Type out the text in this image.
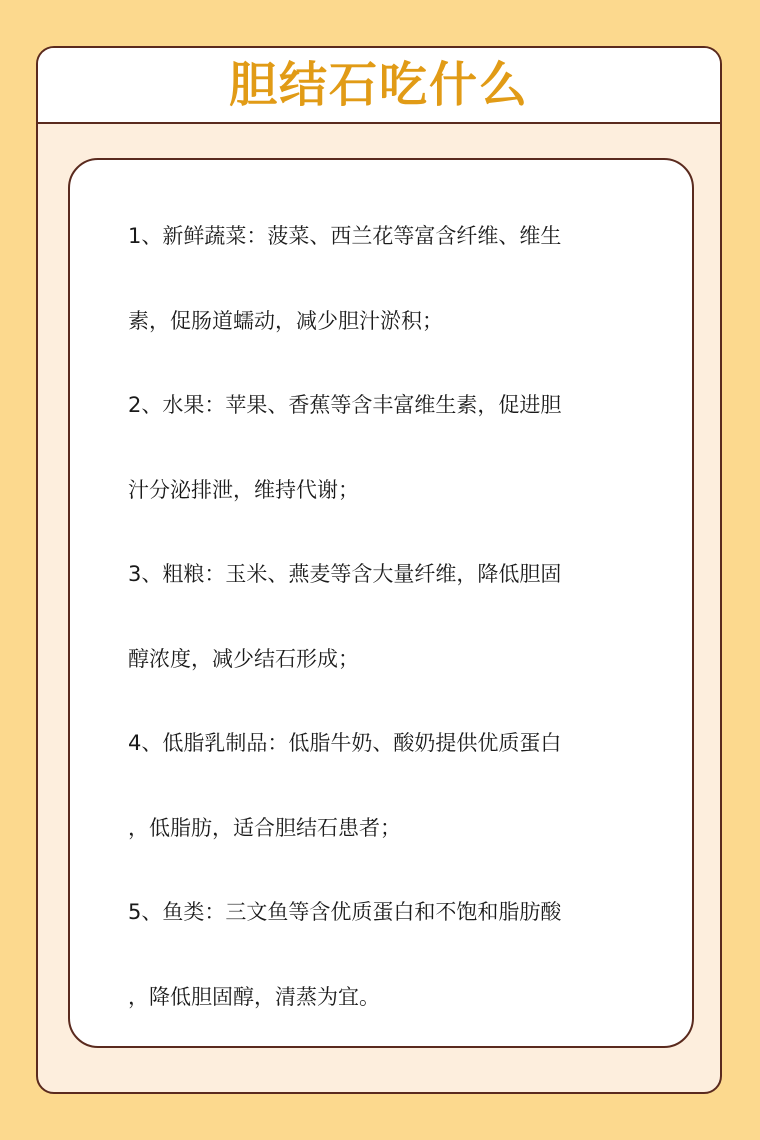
胆结石吃什么
1、新鲜蔬菜：菠菜、西兰花等富含纤维、维生
素，促肠道蠕动，减少胆汁淤积；
2、水果：苹果、香蕉等含丰富维生素，促进胆
汁分泌排泄，维持代谢；
3、粗粮：玉米、燕麦等含大量纤维，降低胆固
醇浓度，减少结石形成；
4、低脂乳制品：低脂牛奶、酸奶提供优质蛋白
，低脂肪，适合胆结石患者；
5、鱼类：三文鱼等含优质蛋白和不饱和脂肪酸
，降低胆固醇，清蒸为宜。
